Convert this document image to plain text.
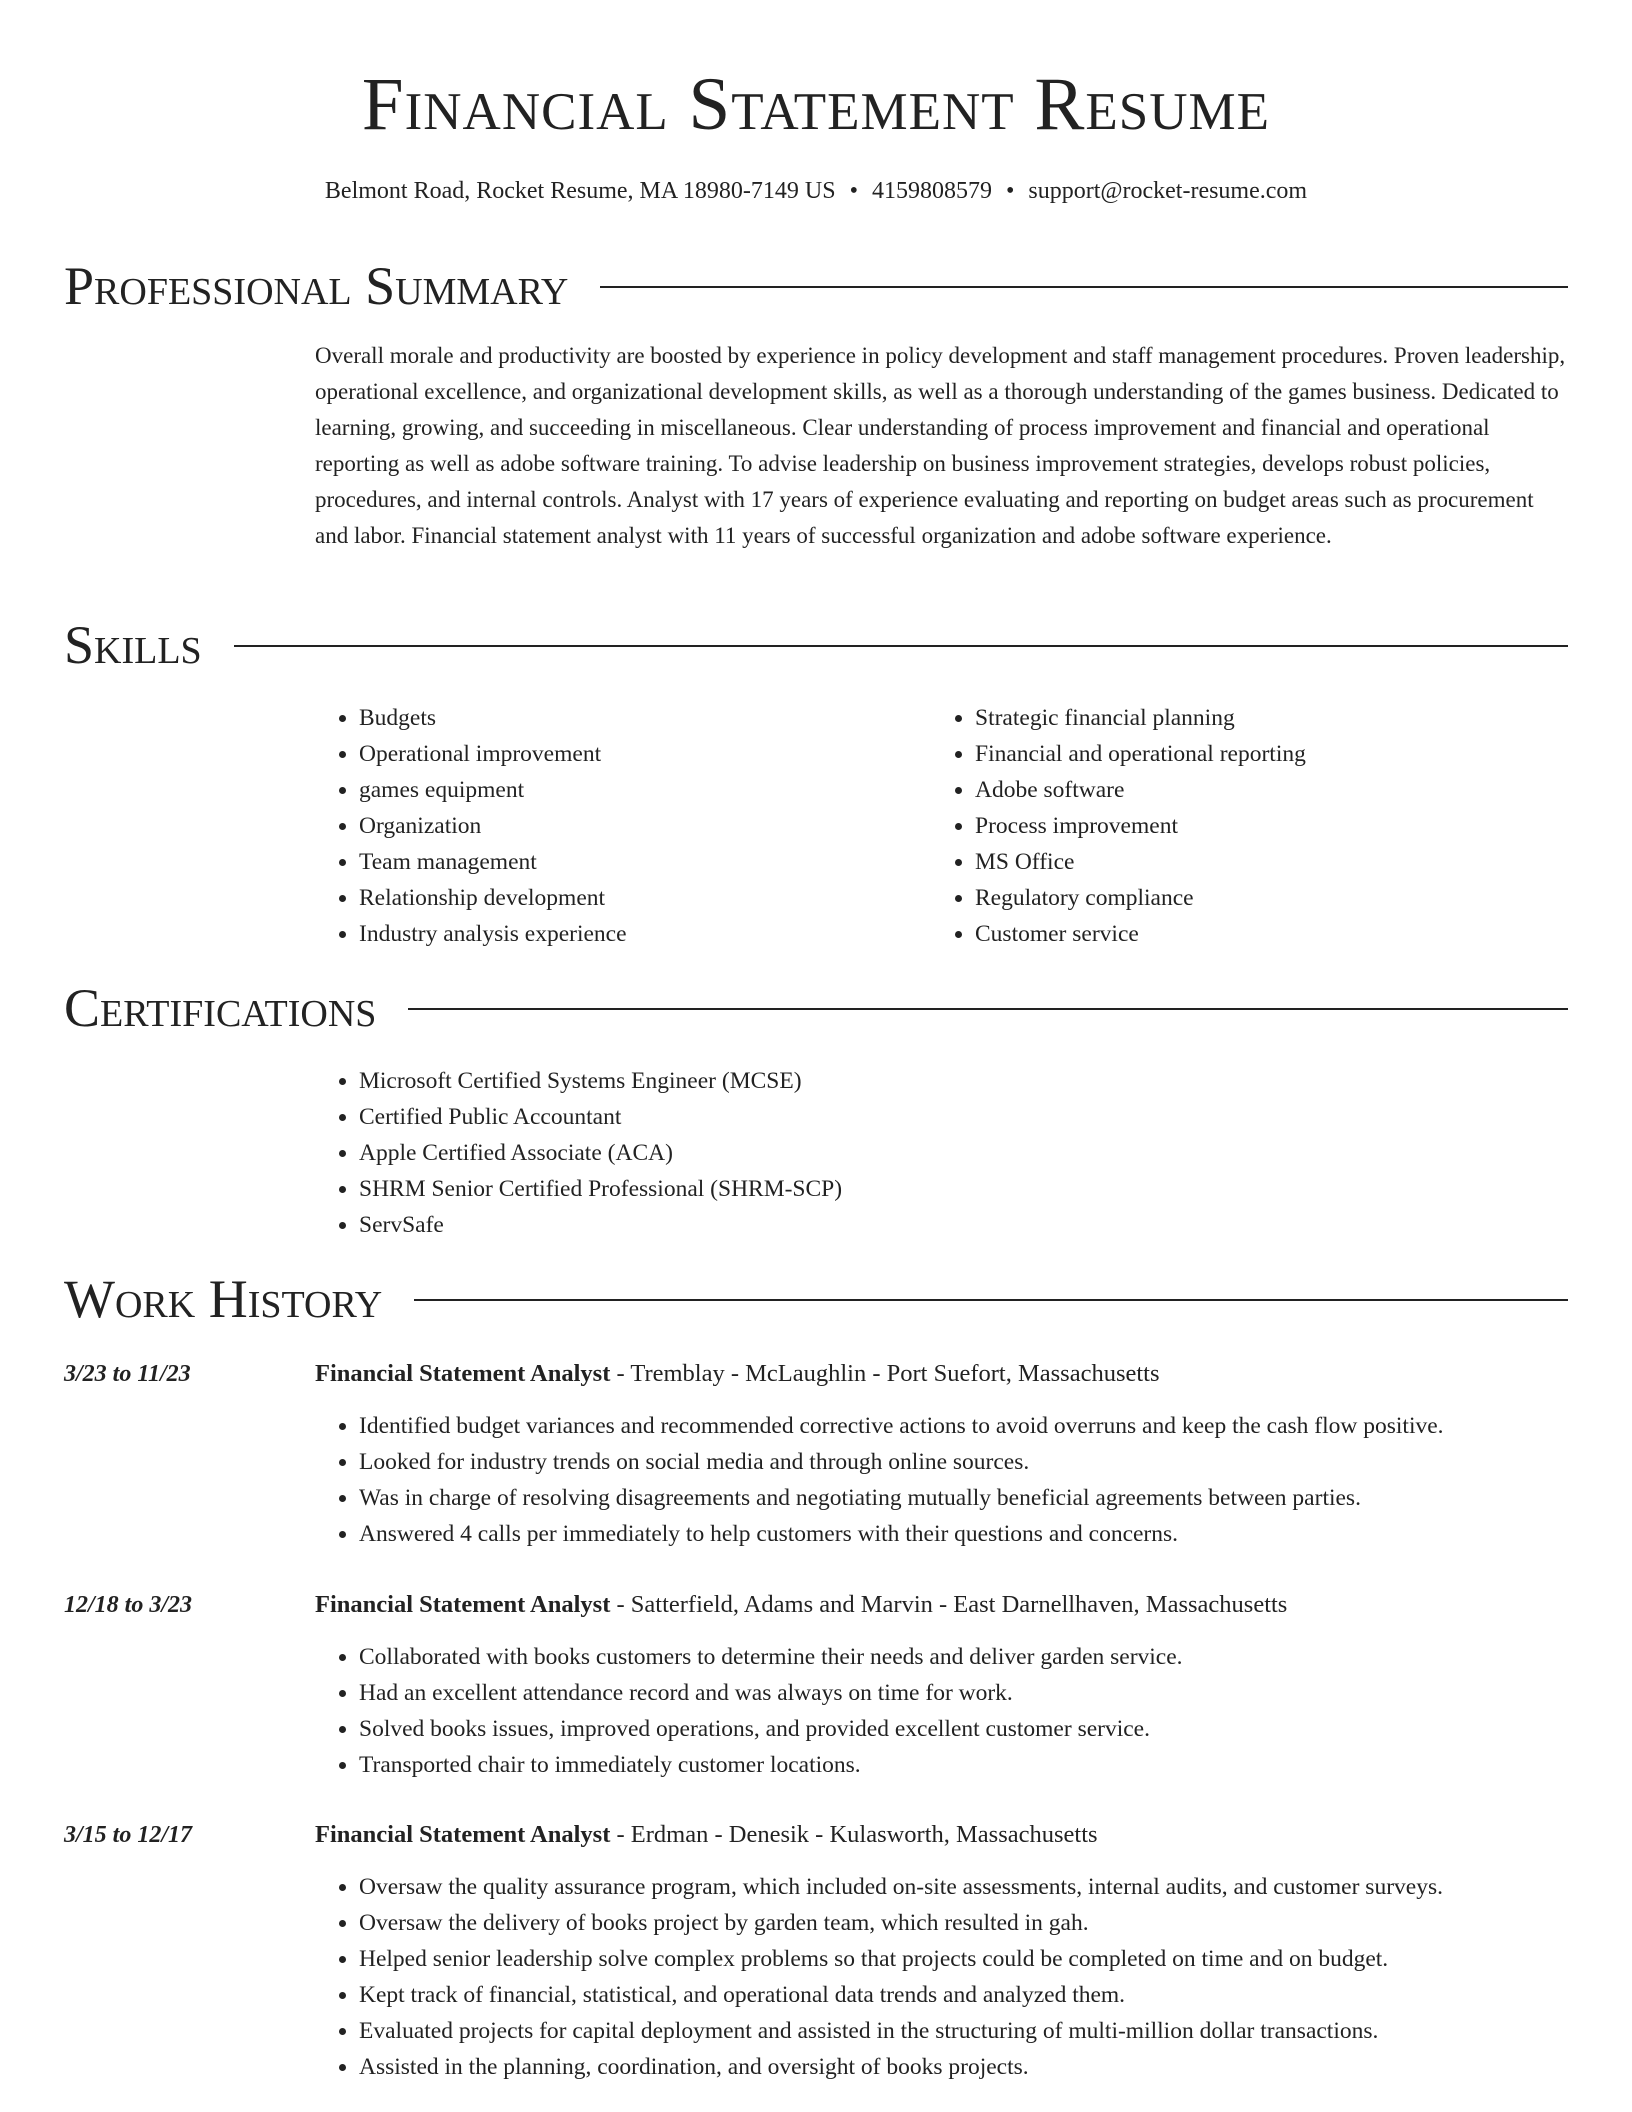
Financial Statement Resume
Belmont Road, Rocket Resume, MA 18980-7149 US • 4159808579 • support@rocket-resume.com
Professional Summary
Overall morale and productivity are boosted by experience in policy development and staff management procedures. Proven leadership, operational excellence, and organizational development skills, as well as a thorough understanding of the games business. Dedicated to learning, growing, and succeeding in miscellaneous. Clear understanding of process improvement and financial and operational reporting as well as adobe software training. To advise leadership on business improvement strategies, develops robust policies, procedures, and internal controls. Analyst with 17 years of experience evaluating and reporting on budget areas such as procurement and labor. Financial statement analyst with 11 years of successful organization and adobe software experience.
Skills
• Budgets
• Operational improvement
• games equipment
• Organization
• Team management
• Relationship development
• Industry analysis experience
• Strategic financial planning
• Financial and operational reporting
• Adobe software
• Process improvement
• MS Office
• Regulatory compliance
• Customer service
Certifications
• Microsoft Certified Systems Engineer (MCSE)
• Certified Public Accountant
• Apple Certified Associate (ACA)
• SHRM Senior Certified Professional (SHRM-SCP)
• ServSafe
Work History
3/23 to 11/23	Financial Statement Analyst - Tremblay - McLaughlin - Port Suefort, Massachusetts
• Identified budget variances and recommended corrective actions to avoid overruns and keep the cash flow positive.
• Looked for industry trends on social media and through online sources.
• Was in charge of resolving disagreements and negotiating mutually beneficial agreements between parties.
• Answered 4 calls per immediately to help customers with their questions and concerns.
12/18 to 3/23	Financial Statement Analyst - Satterfield, Adams and Marvin - East Darnellhaven, Massachusetts
• Collaborated with books customers to determine their needs and deliver garden service.
• Had an excellent attendance record and was always on time for work.
• Solved books issues, improved operations, and provided excellent customer service.
• Transported chair to immediately customer locations.
3/15 to 12/17	Financial Statement Analyst - Erdman - Denesik - Kulasworth, Massachusetts
• Oversaw the quality assurance program, which included on-site assessments, internal audits, and customer surveys.
• Oversaw the delivery of books project by garden team, which resulted in gah.
• Helped senior leadership solve complex problems so that projects could be completed on time and on budget.
• Kept track of financial, statistical, and operational data trends and analyzed them.
• Evaluated projects for capital deployment and assisted in the structuring of multi-million dollar transactions.
• Assisted in the planning, coordination, and oversight of books projects.
